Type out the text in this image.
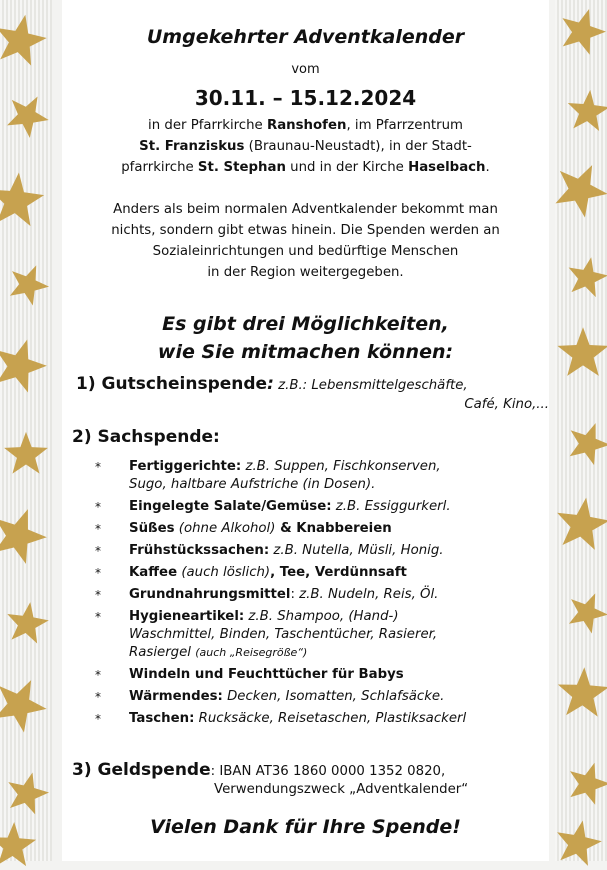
Umgekehrter Adventkalender
vom
30.11. – 15.12.2024
in der Pfarrkirche Ranshofen, im Pfarrzentrum
St. Franziskus (Braunau-Neustadt), in der Stadt-
pfarrkirche St. Stephan und in der Kirche Haselbach.
Anders als beim normalen Adventkalender bekommt man
nichts, sondern gibt etwas hinein. Die Spenden werden an
Sozialeinrichtungen und bedürftige Menschen
in der Region weitergegeben.
Es gibt drei Möglichkeiten,
wie Sie mitmachen können:
1) Gutscheinspende: z.B.: Lebensmittelgeschäfte,
Café, Kino,...
2) Sachspende:
* Fertiggerichte: z.B. Suppen, Fischkonserven,
Sugo, haltbare Aufstriche (in Dosen).
* Eingelegte Salate/Gemüse: z.B. Essiggurkerl.
* Süßes (ohne Alkohol) & Knabbereien
* Frühstückssachen: z.B. Nutella, Müsli, Honig.
* Kaffee (auch löslich), Tee, Verdünnsaft
* Grundnahrungsmittel: z.B. Nudeln, Reis, Öl.
* Hygieneartikel: z.B. Shampoo, (Hand-)
Waschmittel, Binden, Taschentücher, Rasierer,
Rasiergel (auch „Reisegröße“)
* Windeln und Feuchttücher für Babys
* Wärmendes: Decken, Isomatten, Schlafsäcke.
* Taschen: Rucksäcke, Reisetaschen, Plastiksackerl
3) Geldspende: IBAN AT36 1860 0000 1352 0820,
Verwendungszweck „Adventkalender“
Vielen Dank für Ihre Spende!
